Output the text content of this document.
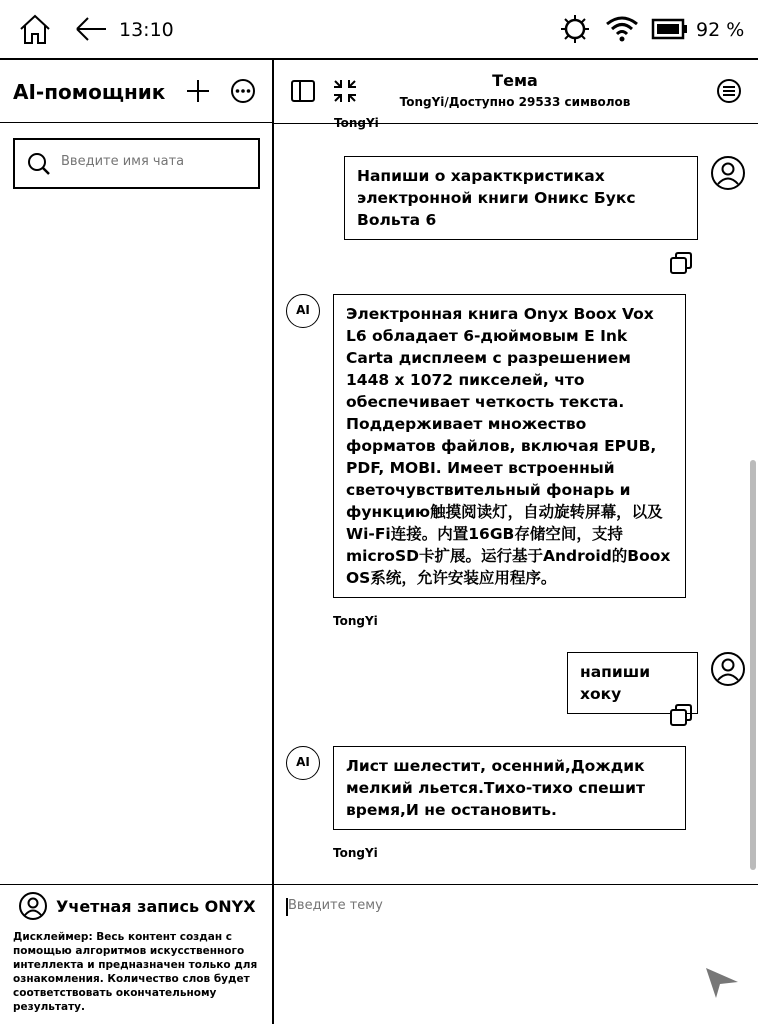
13:10	92 %
AI-помощник
Введите имя чата	Тема
TongYi/Доступно 29533 символов
TongYi
Напиши о характкристиках электронной книги Оникс Букс Вольта 6
AI	Электронная книга Onyx Boox Vox L6 обладает 6-дюймовым E Ink Carta дисплеем с разрешением 1448 x 1072 пикселей, что обеспечивает четкость текста. Поддерживает множество форматов файлов, включая EPUB, PDF, MOBI. Имеет встроенный светочувствительный фонарь и функцию触摸阅读灯，自动旋转屏幕，以及Wi-Fi连接。内置16GB存储空间，支持microSD卡扩展。运行基于Android的Boox OS系统，允许安装应用程序。
TongYi
напиши хоку
AI	Лист шелестит, осенний,Дождик мелкий льется.Тихо-тихо спешит время,И не остановить.
TongYi
Учетная запись ONYX
Дисклеймер: Весь контент создан с помощью алгоритмов искусственного интеллекта и предназначен только для ознакомления. Количество слов будет соответствовать окончательному результату.
Введите тему
